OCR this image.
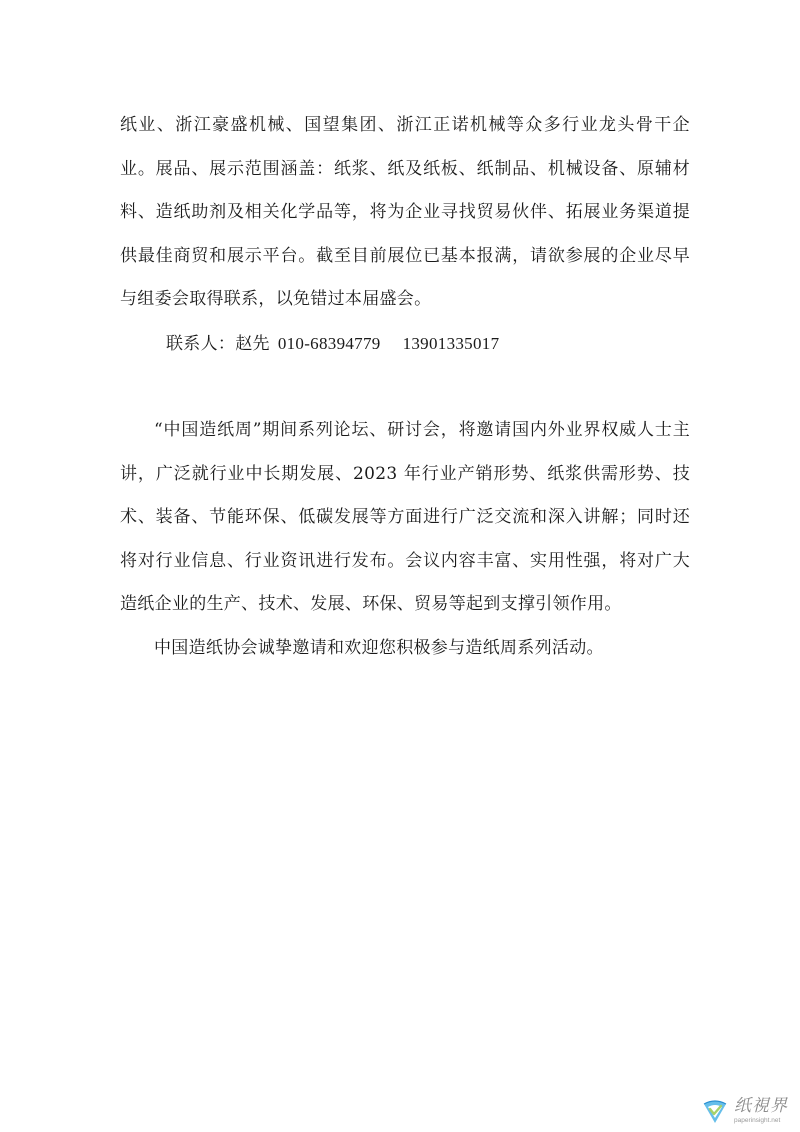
纸业、浙江豪盛机械、国望集团、浙江正诺机械等众多行业龙头骨干企业。展品、展示范围涵盖：纸浆、纸及纸板、纸制品、机械设备、原辅材料、造纸助剂及相关化学品等，将为企业寻找贸易伙伴、拓展业务渠道提供最佳商贸和展示平台。截至目前展位已基本报满，请欲参展的企业尽早与组委会取得联系，以免错过本届盛会。

联系人：赵先 010-68394779 13901335017

“中国造纸周”期间系列论坛、研讨会，将邀请国内外业界权威人士主讲，广泛就行业中长期发展、2023 年行业产销形势、纸浆供需形势、技术、装备、节能环保、低碳发展等方面进行广泛交流和深入讲解；同时还将对行业信息、行业资讯进行发布。会议内容丰富、实用性强，将对广大造纸企业的生产、技术、发展、环保、贸易等起到支撑引领作用。

中国造纸协会诚挚邀请和欢迎您积极参与造纸周系列活动。

纸視界
paperinsight.net
